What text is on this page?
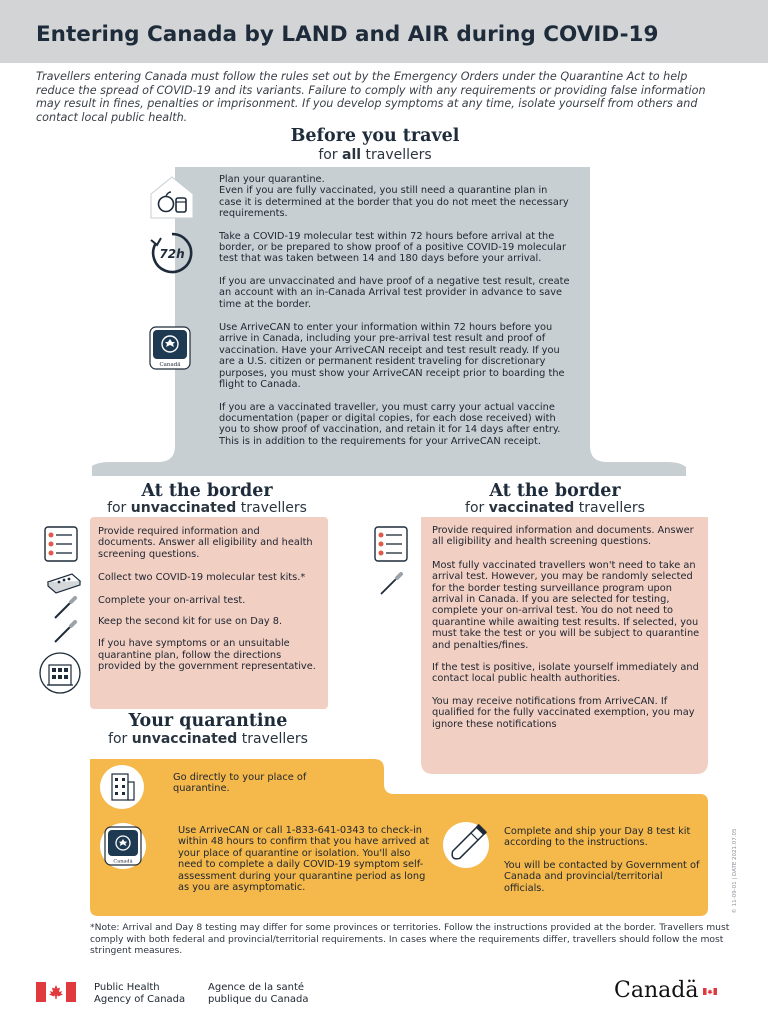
Entering Canada by LAND and AIR during COVID-19
Travellers entering Canada must follow the rules set out by the Emergency Orders under the Quarantine Act to help reduce the spread of COVID-19 and its variants. Failure to comply with any requirements or providing false information may result in fines, penalties or imprisonment. If you develop symptoms at any time, isolate yourself from others and contact local public health.
Before you travel
for all travellers
Plan your quarantine.
Even if you are fully vaccinated, you still need a quarantine plan in case it is determined at the border that you do not meet the necessary requirements.
Take a COVID-19 molecular test within 72 hours before arrival at the border, or be prepared to show proof of a positive COVID-19 molecular test that was taken between 14 and 180 days before your arrival.
If you are unvaccinated and have proof of a negative test result, create an account with an in-Canada Arrival test provider in advance to save time at the border.
Use ArriveCAN to enter your information within 72 hours before you arrive in Canada, including your pre-arrival test result and proof of vaccination. Have your ArriveCAN receipt and test result ready. If you are a U.S. citizen or permanent resident traveling for discretionary purposes, you must show your ArriveCAN receipt prior to boarding the flight to Canada.
If you are a vaccinated traveller, you must carry your actual vaccine documentation (paper or digital copies, for each dose received) with you to show proof of vaccination, and retain it for 14 days after entry. This is in addition to the requirements for your ArriveCAN receipt.
72h
Canadä
At the border
for unvaccinated travellers
Provide required information and documents. Answer all eligibility and health screening questions.
Collect two COVID-19 molecular test kits.*
Complete your on-arrival test.
Keep the second kit for use on Day 8.
If you have symptoms or an unsuitable quarantine plan, follow the directions provided by the government representative.
At the border
for vaccinated travellers
Provide required information and documents. Answer all eligibility and health screening questions.
Most fully vaccinated travellers won't need to take an arrival test. However, you may be randomly selected for the border testing surveillance program upon arrival in Canada. If you are selected for testing, complete your on-arrival test. You do not need to quarantine while awaiting test results. If selected, you must take the test or you will be subject to quarantine and penalties/fines.
If the test is positive, isolate yourself immediately and contact local public health authorities.
You may receive notifications from ArriveCAN. If qualified for the fully vaccinated exemption, you may ignore these notifications
Your quarantine
for unvaccinated travellers
Go directly to your place of quarantine.
Canadä
Use ArriveCAN or call 1-833-641-0343 to check-in within 48 hours to confirm that you have arrived at your place of quarantine or isolation. You'll also need to complete a daily COVID-19 symptom self-assessment during your quarantine period as long as you are asymptomatic.
Complete and ship your Day 8 test kit according to the instructions.
You will be contacted by Government of Canada and provincial/territorial officials.
*Note: Arrival and Day 8 testing may differ for some provinces or territories. Follow the instructions provided at the border. Travellers must comply with both federal and provincial/territorial requirements. In cases where the requirements differ, travellers should follow the most stringent measures.
© 11-09-01 | DATE 2021.07.05
Public Health
Agency of Canada
Agence de la santé
publique du Canada	Canadä
